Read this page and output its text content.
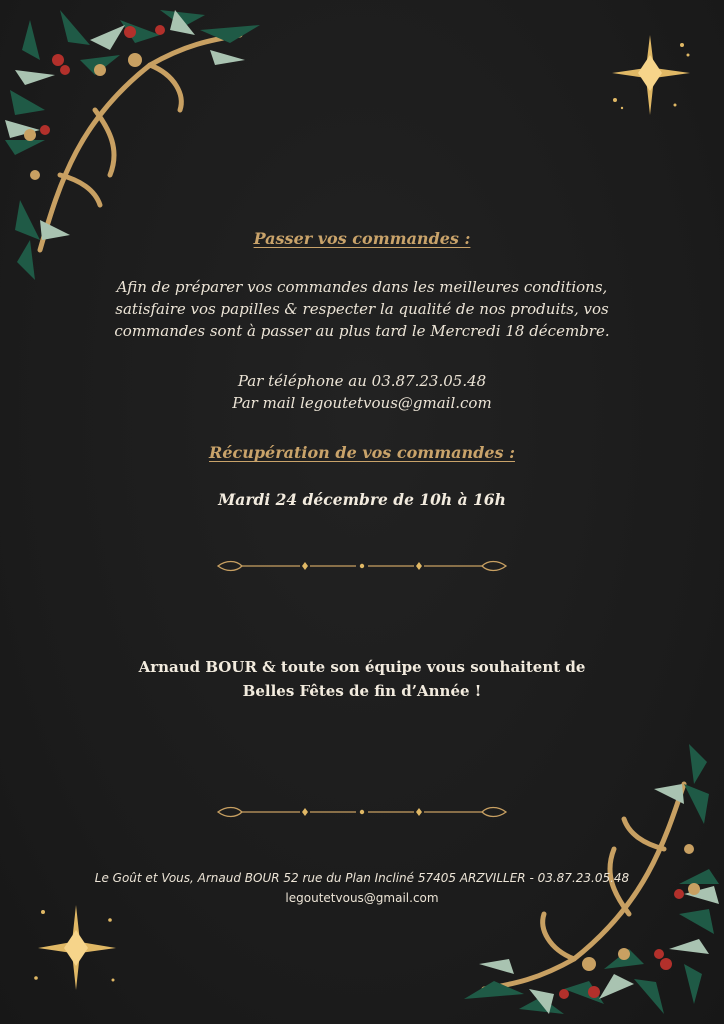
Passer vos commandes :
Afin de préparer vos commandes dans les meilleures conditions,
satisfaire vos papilles & respecter la qualité de nos produits, vos
commandes sont à passer au plus tard le Mercredi 18 décembre.
Par téléphone au 03.87.23.05.48
Par mail legoutetvous@gmail.com
Récupération de vos commandes :
Mardi 24 décembre de 10h à 16h
Arnaud BOUR & toute son équipe vous souhaitent de
Belles Fêtes de fin d’Année !
Le Goût et Vous, Arnaud BOUR 52 rue du Plan Incliné 57405 ARZVILLER - 03.87.23.05.48
legoutetvous@gmail.com
